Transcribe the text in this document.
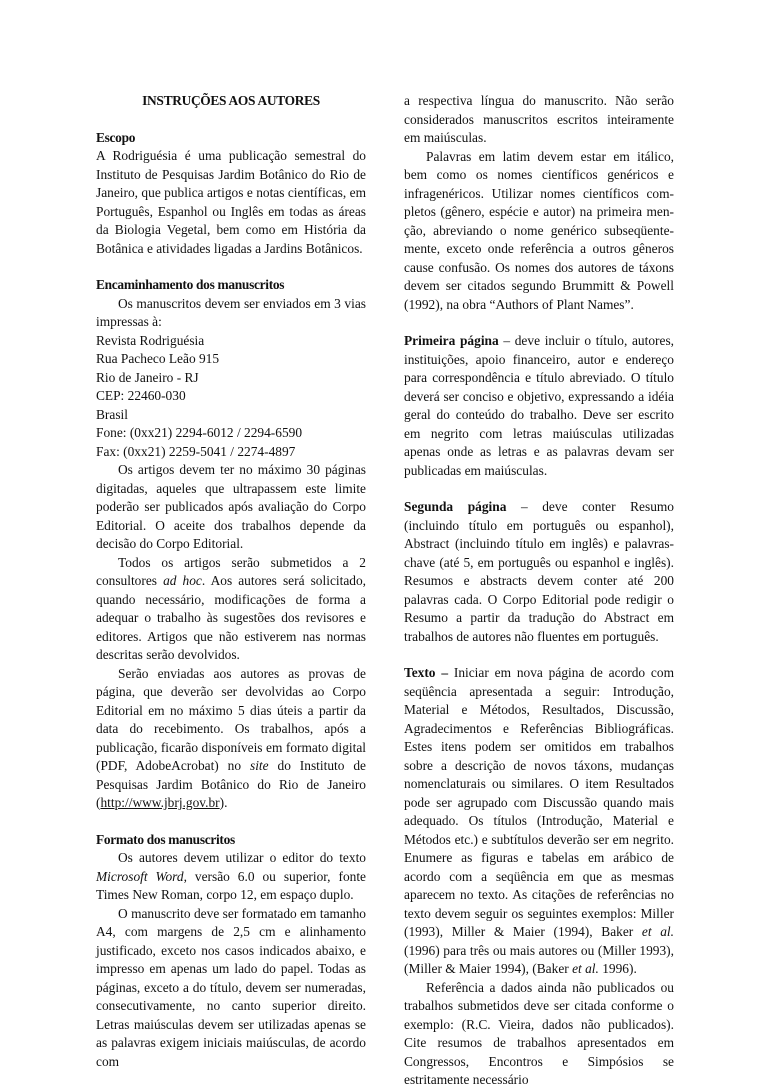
INSTRUÇÕES AOS AUTORES

Escopo

A Rodriguésia é uma publicação semestral do Instituto de Pesquisas Jardim Botânico do Rio de Janeiro, que publica artigos e notas científicas, em Português, Espanhol ou Inglês em todas as áreas da Biologia Vegetal, bem como em História da Botânica e atividades ligadas a Jardins Botânicos.

Encaminhamento dos manuscritos

Os manuscritos devem ser enviados em 3 vias impressas à:

Revista Rodriguésia
Rua Pacheco Leão 915
Rio de Janeiro - RJ
CEP: 22460-030
Brasil
Fone: (0xx21) 2294-6012 / 2294-6590
Fax: (0xx21) 2259-5041 / 2274-4897

Os artigos devem ter no máximo 30 páginas digitadas, aqueles que ultrapassem este limite poderão ser publicados após avaliação do Corpo Editorial. O aceite dos trabalhos depende da decisão do Corpo Editorial.

Todos os artigos serão submetidos a 2 consultores ad hoc. Aos autores será solicitado, quando necessário, modificações de forma a adequar o trabalho às sugestões dos revisores e editores. Artigos que não estiverem nas normas descritas serão devolvidos.

Serão enviadas aos autores as provas de página, que deverão ser devolvidas ao Corpo Editorial em no máximo 5 dias úteis a partir da data do recebimento. Os trabalhos, após a publicação, ficarão disponíveis em formato digital (PDF, AdobeAcrobat) no site do Instituto de Pesquisas Jardim Botânico do Rio de Janeiro (http://www.jbrj.gov.br).

Formato dos manuscritos

Os autores devem utilizar o editor do texto Microsoft Word, versão 6.0 ou superior, fonte Times New Roman, corpo 12, em espaço duplo.

O manuscrito deve ser formatado em tamanho A4, com margens de 2,5 cm e alinhamento justificado, exceto nos casos indicados abaixo, e impresso em apenas um lado do papel. Todas as páginas, exceto a do título, devem ser numeradas, consecutivamente, no canto superior direito. Letras maiúsculas devem ser utilizadas apenas se as palavras exigem iniciais maiúsculas, de acordo com

a respectiva língua do manuscrito. Não serão considerados manuscritos escritos inteiramente em maiúsculas.

Palavras em latim devem estar em itálico, bem como os nomes científicos genéricos e infragenéricos. Utilizar nomes científicos com-pletos (gênero, espécie e autor) na primeira men-ção, abreviando o nome genérico subseqüente-mente, exceto onde referência a outros gêneros cause confusão. Os nomes dos autores de táxons devem ser citados segundo Brummitt & Powell (1992), na obra “Authors of Plant Names”.

Primeira página – deve incluir o título, autores, instituições, apoio financeiro, autor e endereço para correspondência e título abreviado. O título deverá ser conciso e objetivo, expressando a idéia geral do conteúdo do trabalho. Deve ser escrito em negrito com letras maiúsculas utilizadas apenas onde as letras e as palavras devam ser publicadas em maiúsculas.

Segunda página – deve conter Resumo (incluindo título em português ou espanhol), Abstract (incluindo título em inglês) e palavras-chave (até 5, em português ou espanhol e inglês). Resumos e abstracts devem conter até 200 palavras cada. O Corpo Editorial pode redigir o Resumo a partir da tradução do Abstract em trabalhos de autores não fluentes em português.

Texto – Iniciar em nova página de acordo com seqüência apresentada a seguir: Introdução, Material e Métodos, Resultados, Discussão, Agradecimentos e Referências Bibliográficas. Estes itens podem ser omitidos em trabalhos sobre a descrição de novos táxons, mudanças nomenclaturais ou similares. O item Resultados pode ser agrupado com Discussão quando mais adequado. Os títulos (Introdução, Material e Métodos etc.) e subtítulos deverão ser em negrito. Enumere as figuras e tabelas em arábico de acordo com a seqüência em que as mesmas aparecem no texto. As citações de referências no texto devem seguir os seguintes exemplos: Miller (1993), Miller & Maier (1994), Baker et al. (1996) para três ou mais autores ou (Miller 1993), (Miller & Maier 1994), (Baker et al. 1996).

Referência a dados ainda não publicados ou trabalhos submetidos deve ser citada conforme o exemplo: (R.C. Vieira, dados não publicados). Cite resumos de trabalhos apresentados em Congressos, Encontros e Simpósios se estritamente necessário
